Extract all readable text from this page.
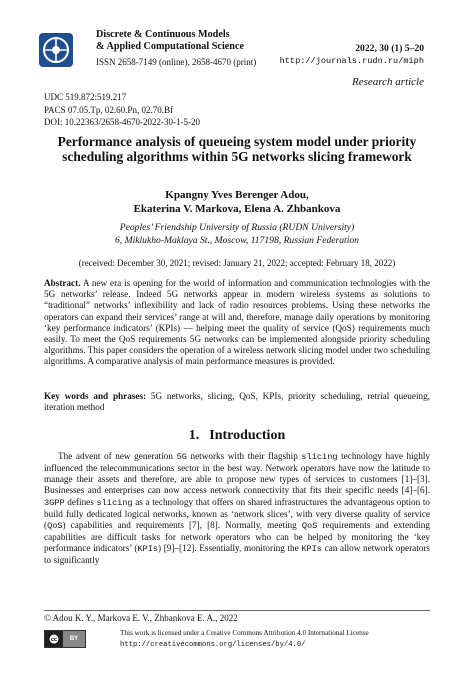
Discrete & Continuous Models
& Applied Computational Science
ISSN 2658-7149 (online), 2658-4670 (print)
2022, 30 (1) 5–20
http://journals.rudn.ru/miph
Research article
UDC 519.872:519.217
PACS 07.05.Tp, 02.60.Pn, 02.70.Bf
DOI: 10.22363/2658-4670-2022-30-1-5-20
Performance analysis of queueing system model under priority scheduling algorithms within 5G networks slicing framework
Kpangny Yves Berenger Adou,
Ekaterina V. Markova, Elena A. Zhbankova
Peoples’ Friendship University of Russia (RUDN University)
6, Miklukho-Maklaya St., Moscow, 117198, Russian Federation
(received: December 30, 2021; revised: January 21, 2022; accepted: February 18, 2022)

Abstract. A new era is opening for the world of information and communication technologies with the 5G networks’ release. Indeed 5G networks appear in modern wireless systems as solutions to “traditional” networks’ inflexibility and lack of radio resources problems. Using these networks the operators can expand their services’ range at will and, therefore, manage daily operations by monitoring ‘key performance indicators’ (KPIs) — helping meet the quality of service (QoS) requirements much easily. To meet the QoS requirements 5G networks can be implemented alongside priority scheduling algorithms. This paper considers the operation of a wireless network slicing model under two scheduling algorithms. A comparative analysis of main performance measures is provided.

Key words and phrases: 5G networks, slicing, QoS, KPIs, priority scheduling, retrial queueing, iteration method

1. Introduction

The advent of new generation 5G networks with their flagship slicing technology have highly influenced the telecommunications sector in the best way. Network operators have now the latitude to manage their assets and therefore, are able to propose new types of services to customers [1]–[3]. Businesses and enterprises can now access network connectivity that fits their specific needs [4]–[6]. 3GPP defines slicing as a technology that offers on shared infrastructures the advantageous option to build fully dedicated logical networks, known as ‘network slices’, with very diverse quality of service (QoS) capabilities and requirements [7], [8]. Normally, meeting QoS requirements and extending capabilities are difficult tasks for network operators who can be helped by monitoring the ‘key performance indicators’ (KPIs) [9]–[12]. Essentially, monitoring the KPIs can allow network operators to significantly

© Adou K. Y., Markova E. V., Zhbankova E. A., 2022
cc	BY
This work is licensed under a Creative Commons Attribution 4.0 International License
http://creativecommons.org/licenses/by/4.0/
